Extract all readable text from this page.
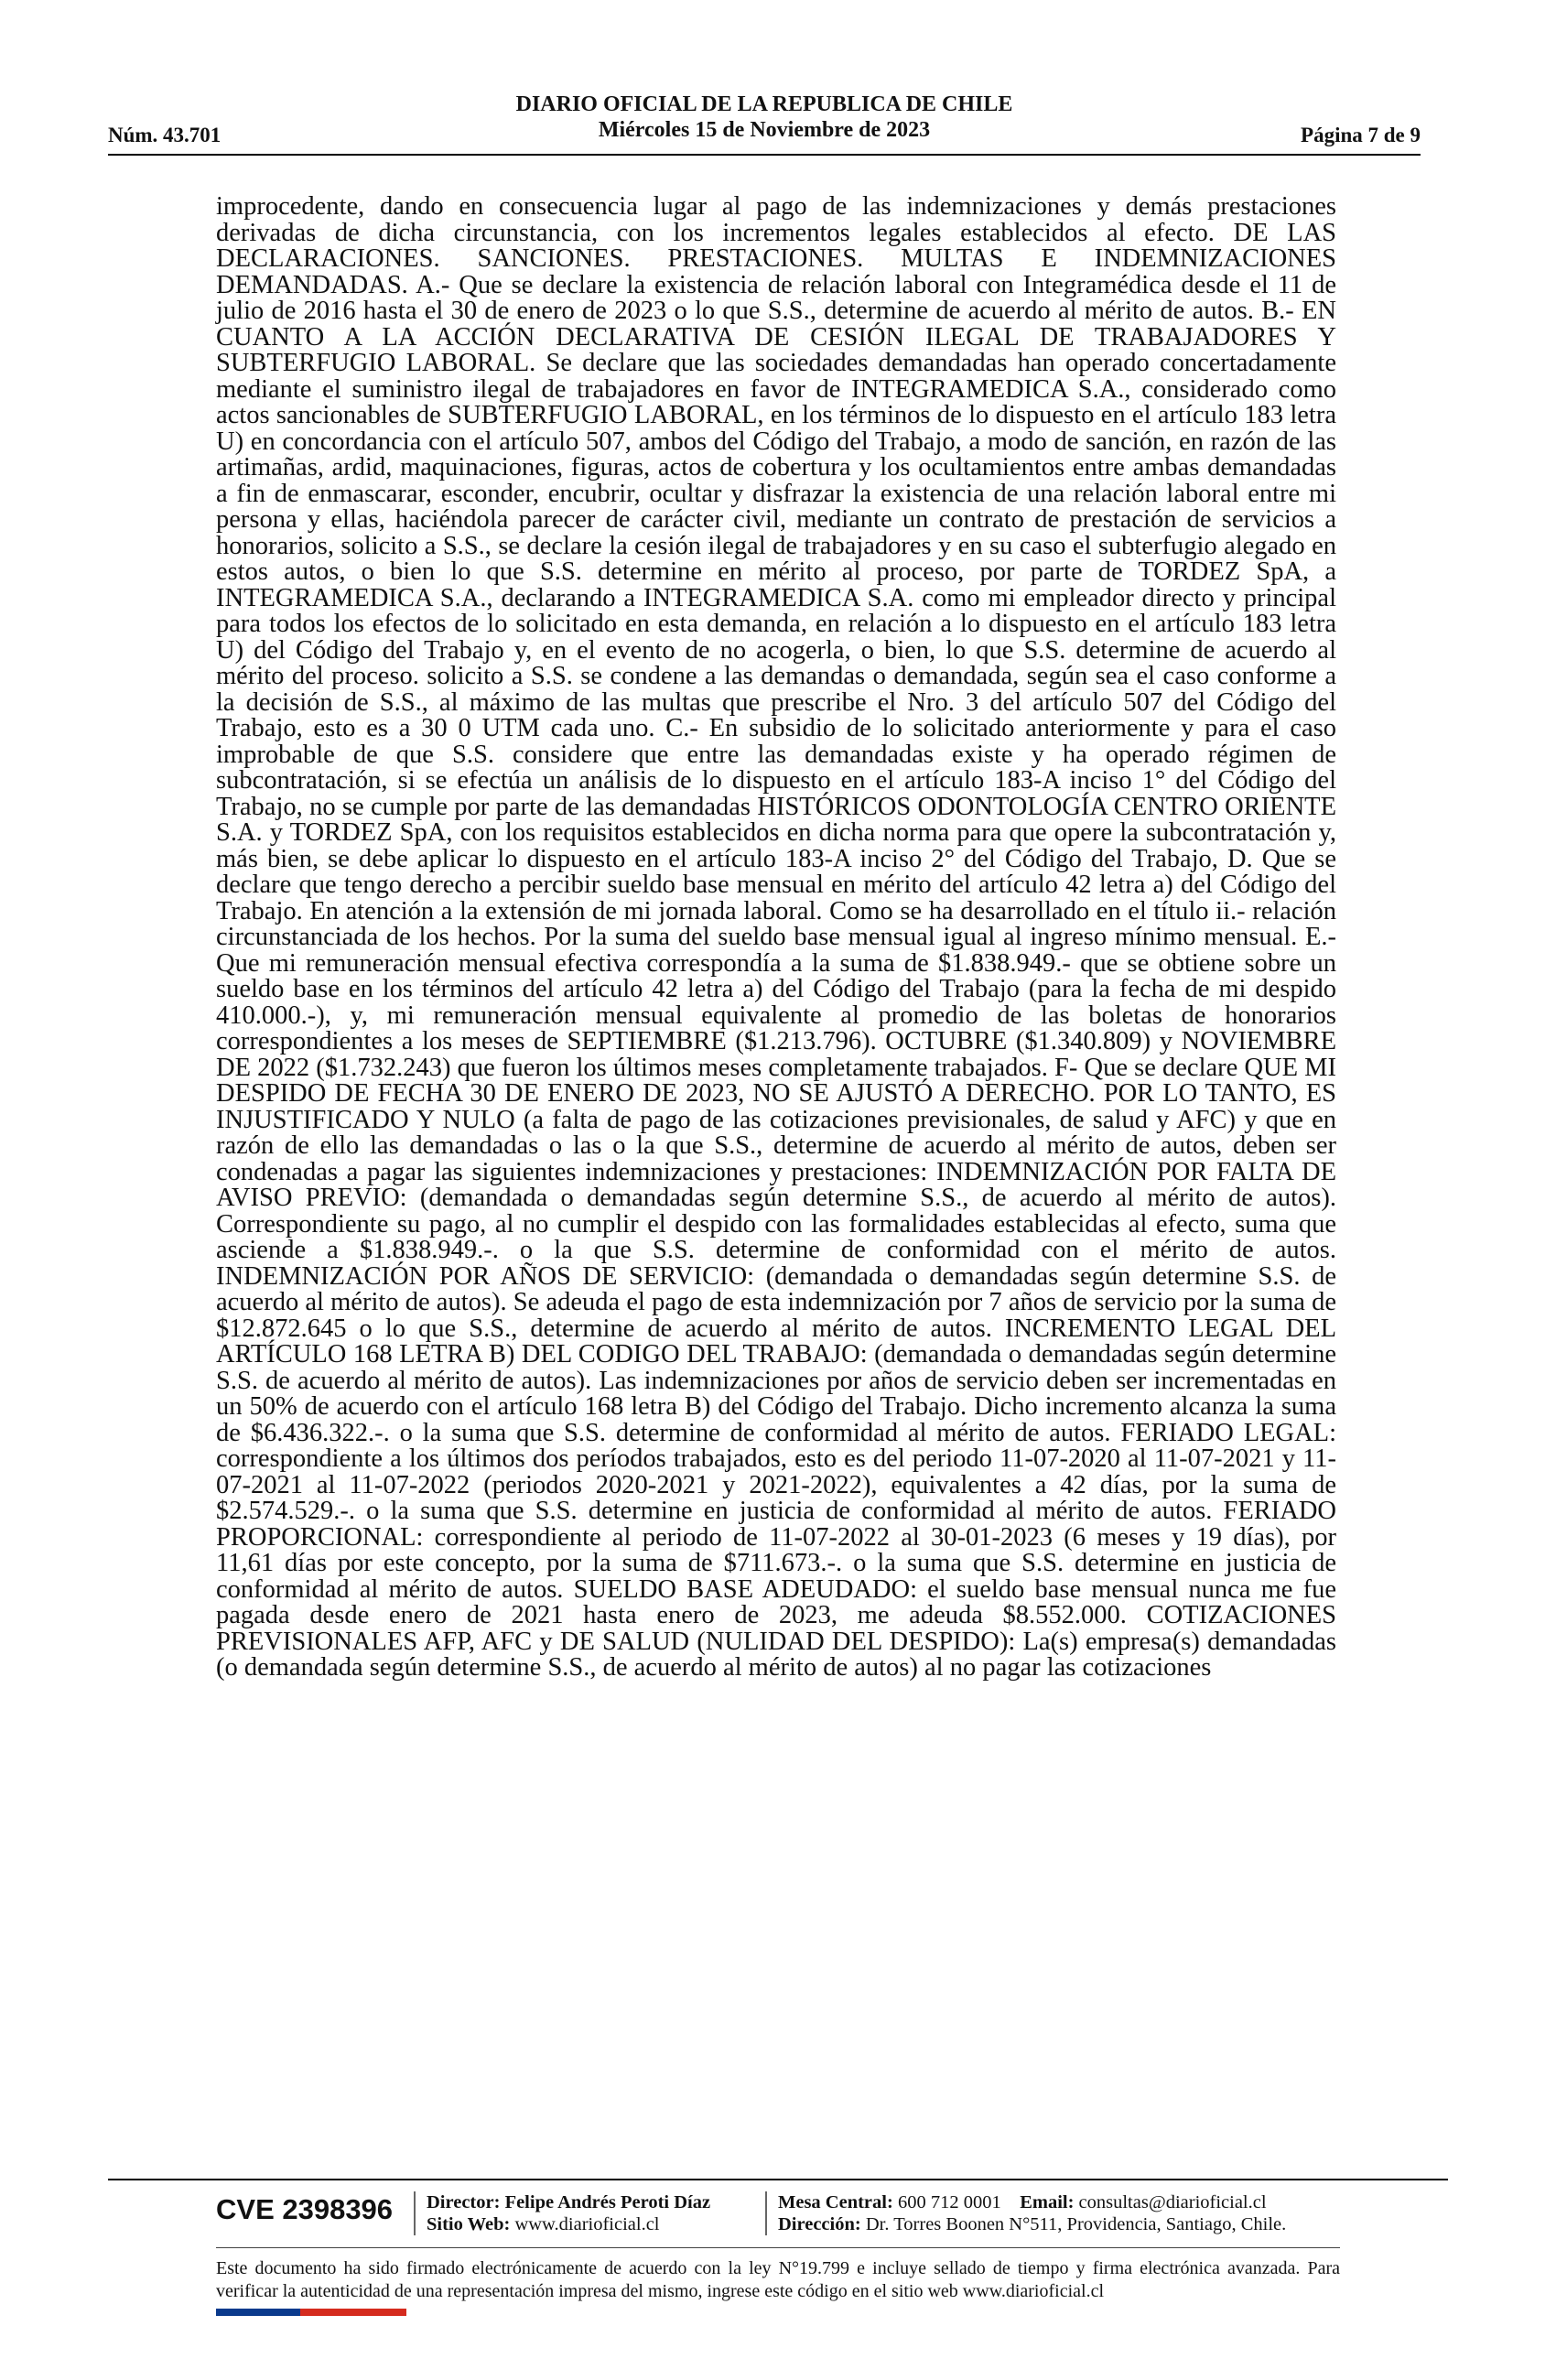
DIARIO OFICIAL DE LA REPUBLICA DE CHILE
Miércoles 15 de Noviembre de 2023
Núm. 43.701	Página 7 de 9

improcedente, dando en consecuencia lugar al pago de las indemnizaciones y demás prestaciones derivadas de dicha circunstancia, con los incrementos legales establecidos al efecto. DE LAS DECLARACIONES. SANCIONES. PRESTACIONES. MULTAS E INDEMNIZACIONES DEMANDADAS. A.- Que se declare la existencia de relación laboral con Integramédica desde el 11 de julio de 2016 hasta el 30 de enero de 2023 o lo que S.S., determine de acuerdo al mérito de autos. B.- EN CUANTO A LA ACCIÓN DECLARATIVA DE CESIÓN ILEGAL DE TRABAJADORES Y SUBTERFUGIO LABORAL. Se declare que las sociedades demandadas han operado concertadamente mediante el suministro ilegal de trabajadores en favor de INTEGRAMEDICA S.A., considerado como actos sancionables de SUBTERFUGIO LABORAL, en los términos de lo dispuesto en el artículo 183 letra U) en concordancia con el artículo 507, ambos del Código del Trabajo, a modo de sanción, en razón de las artimañas, ardid, maquinaciones, figuras, actos de cobertura y los ocultamientos entre ambas demandadas a fin de enmascarar, esconder, encubrir, ocultar y disfrazar la existencia de una relación laboral entre mi persona y ellas, haciéndola parecer de carácter civil, mediante un contrato de prestación de servicios a honorarios, solicito a S.S., se declare la cesión ilegal de trabajadores y en su caso el subterfugio alegado en estos autos, o bien lo que S.S. determine en mérito al proceso, por parte de TORDEZ SpA, a INTEGRAMEDICA S.A., declarando a INTEGRAMEDICA S.A. como mi empleador directo y principal para todos los efectos de lo solicitado en esta demanda, en relación a lo dispuesto en el artículo 183 letra U) del Código del Trabajo y, en el evento de no acogerla, o bien, lo que S.S. determine de acuerdo al mérito del proceso. solicito a S.S. se condene a las demandas o demandada, según sea el caso conforme a la decisión de S.S., al máximo de las multas que prescribe el Nro. 3 del artículo 507 del Código del Trabajo, esto es a 30 0 UTM cada uno. C.- En subsidio de lo solicitado anteriormente y para el caso improbable de que S.S. considere que entre las demandadas existe y ha operado régimen de subcontratación, si se efectúa un análisis de lo dispuesto en el artículo 183-A inciso 1° del Código del Trabajo, no se cumple por parte de las demandadas HISTÓRICOS ODONTOLOGÍA CENTRO ORIENTE S.A. y TORDEZ SpA, con los requisitos establecidos en dicha norma para que opere la subcontratación y, más bien, se debe aplicar lo dispuesto en el artículo 183-A inciso 2° del Código del Trabajo, D. Que se declare que tengo derecho a percibir sueldo base mensual en mérito del artículo 42 letra a) del Código del Trabajo. En atención a la extensión de mi jornada laboral. Como se ha desarrollado en el título ii.- relación circunstanciada de los hechos. Por la suma del sueldo base mensual igual al ingreso mínimo mensual. E.- Que mi remuneración mensual efectiva correspondía a la suma de $1.838.949.- que se obtiene sobre un sueldo base en los términos del artículo 42 letra a) del Código del Trabajo (para la fecha de mi despido 410.000.-), y, mi remuneración mensual equivalente al promedio de las boletas de honorarios correspondientes a los meses de SEPTIEMBRE ($1.213.796). OCTUBRE ($1.340.809) y NOVIEMBRE DE 2022 ($1.732.243) que fueron los últimos meses completamente trabajados. F- Que se declare QUE MI DESPIDO DE FECHA 30 DE ENERO DE 2023, NO SE AJUSTÓ A DERECHO. POR LO TANTO, ES INJUSTIFICADO Y NULO (a falta de pago de las cotizaciones previsionales, de salud y AFC) y que en razón de ello las demandadas o las o la que S.S., determine de acuerdo al mérito de autos, deben ser condenadas a pagar las siguientes indemnizaciones y prestaciones: INDEMNIZACIÓN POR FALTA DE AVISO PREVIO: (demandada o demandadas según determine S.S., de acuerdo al mérito de autos). Correspondiente su pago, al no cumplir el despido con las formalidades establecidas al efecto, suma que asciende a $1.838.949.-. o la que S.S. determine de conformidad con el mérito de autos. INDEMNIZACIÓN POR AÑOS DE SERVICIO: (demandada o demandadas según determine S.S. de acuerdo al mérito de autos). Se adeuda el pago de esta indemnización por 7 años de servicio por la suma de $12.872.645 o lo que S.S., determine de acuerdo al mérito de autos. INCREMENTO LEGAL DEL ARTÍCULO 168 LETRA B) DEL CODIGO DEL TRABAJO: (demandada o demandadas según determine S.S. de acuerdo al mérito de autos). Las indemnizaciones por años de servicio deben ser incrementadas en un 50% de acuerdo con el artículo 168 letra B) del Código del Trabajo. Dicho incremento alcanza la suma de $6.436.322.-. o la suma que S.S. determine de conformidad al mérito de autos. FERIADO LEGAL: correspondiente a los últimos dos períodos trabajados, esto es del periodo 11-07-2020 al 11-07-2021 y 11-07-2021 al 11-07-2022 (periodos 2020-2021 y 2021-2022), equivalentes a 42 días, por la suma de $2.574.529.-. o la suma que S.S. determine en justicia de conformidad al mérito de autos. FERIADO PROPORCIONAL: correspondiente al periodo de 11-07-2022 al 30-01-2023 (6 meses y 19 días), por 11,61 días por este concepto, por la suma de $711.673.-. o la suma que S.S. determine en justicia de conformidad al mérito de autos. SUELDO BASE ADEUDADO: el sueldo base mensual nunca me fue pagada desde enero de 2021 hasta enero de 2023, me adeuda $8.552.000. COTIZACIONES PREVISIONALES AFP, AFC y DE SALUD (NULIDAD DEL DESPIDO): La(s) empresa(s) demandadas (o demandada según determine S.S., de acuerdo al mérito de autos) al no pagar las cotizaciones

CVE 2398396 Director: Felipe Andrés Peroti Díaz
Sitio Web: www.diarioficial.cl
Mesa Central: 600 712 0001 Email: consultas@diarioficial.cl
Dirección: Dr. Torres Boonen N°511, Providencia, Santiago, Chile.
Este documento ha sido firmado electrónicamente de acuerdo con la ley N°19.799 e incluye sellado de tiempo y firma electrónica avanzada. Para verificar la autenticidad de una representación impresa del mismo, ingrese este código en el sitio web www.diarioficial.cl
